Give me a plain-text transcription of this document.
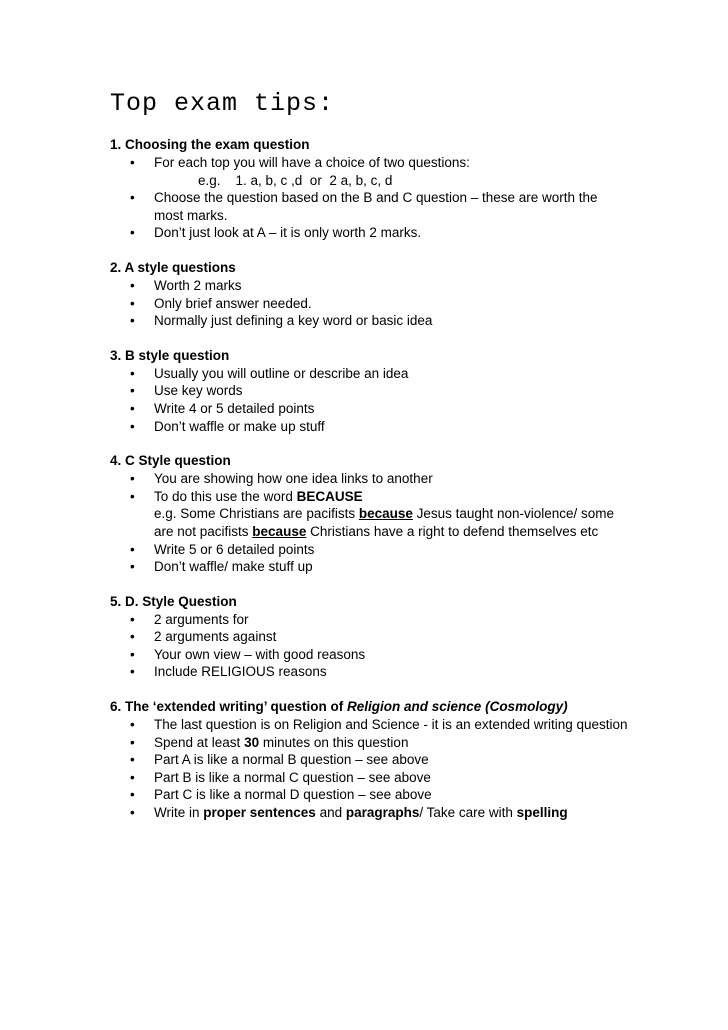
Top exam tips:

1. Choosing the exam question

• For each top you will have a choice of two questions:
e.g.    1. a, b, c ,d  or  2 a, b, c, d
• Choose the question based on the B and C question – these are worth the most marks.
• Don’t just look at A – it is only worth 2 marks.

2. A style questions

• Worth 2 marks
• Only brief answer needed.
• Normally just defining a key word or basic idea

3. B style question

• Usually you will outline or describe an idea
• Use key words
• Write 4 or 5 detailed points
• Don’t waffle or make up stuff

4. C Style question

• You are showing how one idea links to another
• To do this use the word BECAUSE
e.g. Some Christians are pacifists because Jesus taught non-violence/ some are not pacifists because Christians have a right to defend themselves etc
• Write 5 or 6 detailed points
• Don’t waffle/ make stuff up

5. D. Style Question

• 2 arguments for
• 2 arguments against
• Your own view – with good reasons
• Include RELIGIOUS reasons

6. The ‘extended writing’ question of Religion and science (Cosmology)

• The last question is on Religion and Science - it is an extended writing question
• Spend at least 30 minutes on this question
• Part A is like a normal B question – see above
• Part B is like a normal C question – see above
• Part C is like a normal D question – see above
• Write in proper sentences and paragraphs/ Take care with spelling
